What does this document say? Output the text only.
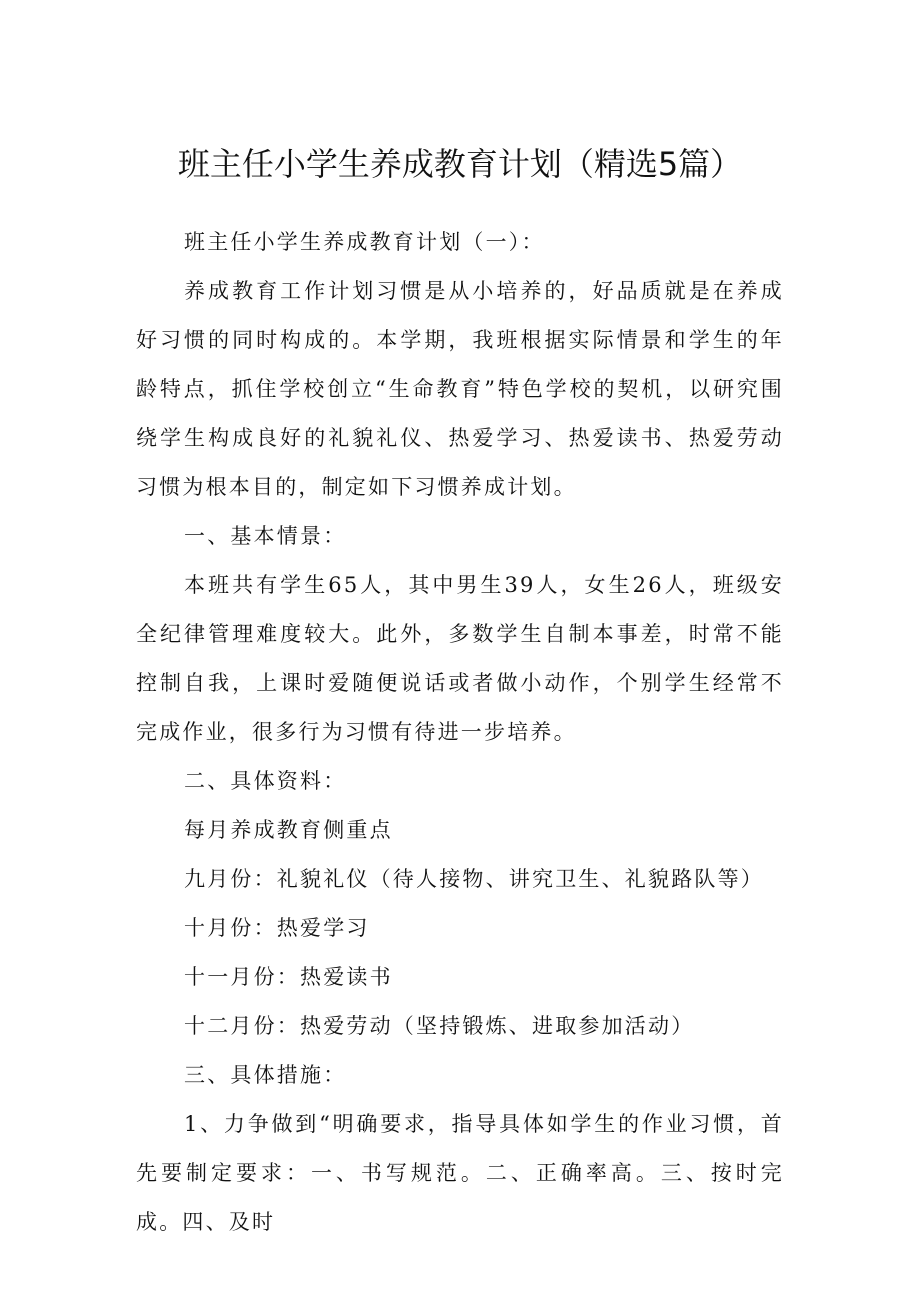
班主任小学生养成教育计划（精选5篇）

班主任小学生养成教育计划（一）：

养成教育工作计划习惯是从小培养的，好品质就是在养成好习惯的同时构成的。本学期，我班根据实际情景和学生的年龄特点，抓住学校创立“生命教育”特色学校的契机，以研究围绕学生构成良好的礼貌礼仪、热爱学习、热爱读书、热爱劳动习惯为根本目的，制定如下习惯养成计划。

一、基本情景：

本班共有学生65人，其中男生39人，女生26人，班级安全纪律管理难度较大。此外，多数学生自制本事差，时常不能控制自我，上课时爱随便说话或者做小动作，个别学生经常不完成作业，很多行为习惯有待进一步培养。

二、具体资料：

每月养成教育侧重点

九月份：礼貌礼仪（待人接物、讲究卫生、礼貌路队等）

十月份：热爱学习

十一月份：热爱读书

十二月份：热爱劳动（坚持锻炼、进取参加活动）

三、具体措施：

1、力争做到“明确要求，指导具体如学生的作业习惯，首先要制定要求：一、书写规范。二、正确率高。三、按时完成。四、及时
